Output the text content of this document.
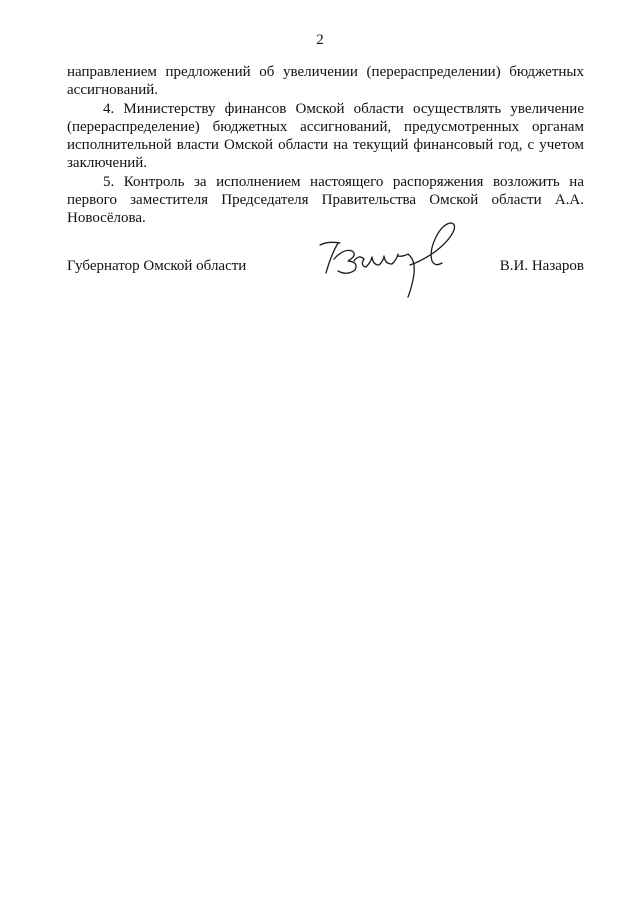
2

направлением предложений об увеличении (перераспределении) бюджетных ассигнований.

4. Министерству финансов Омской области осуществлять увеличение (перераспределение) бюджетных ассигнований, предусмотренных органам исполнительной власти Омской области на текущий финансовый год, с учетом заключений.

5. Контроль за исполнением настоящего распоряжения возложить на первого заместителя Председателя Правительства Омской области А.А. Новосёлова.

Губернатор Омской области	В.И. Назаров
